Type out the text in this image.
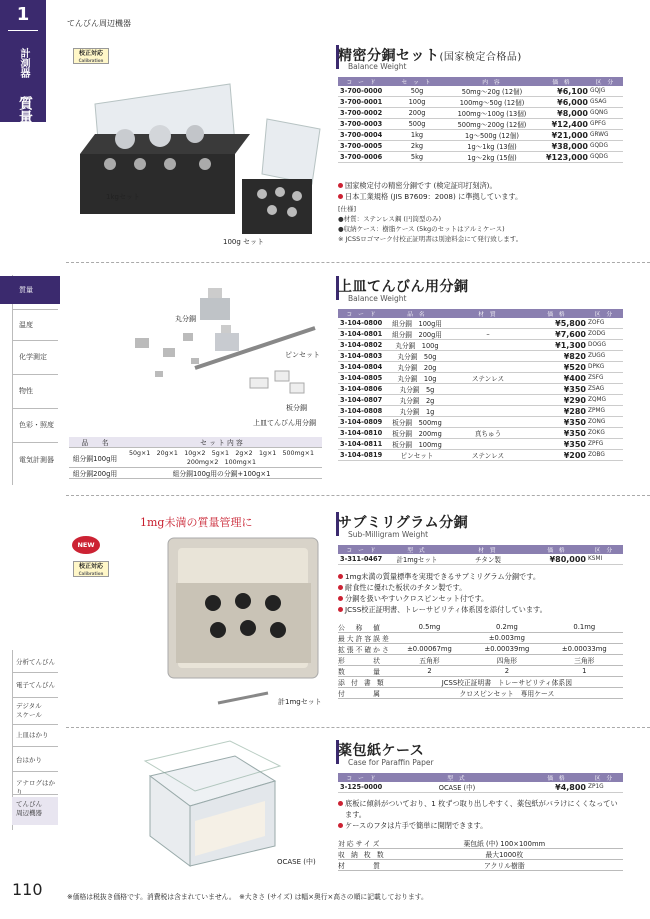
1
計測器
質量
質量
温度
化学測定
物性
色彩・照度
電気計測器
分析てんびん
電子てんびん
デジタルスケール
上皿はかり
台はかり
アナログはかり
てんびん周辺機器
110
てんびん周辺機器
校正対応
Calibration
1kgセット
100g セット
精密分銅セット(国家検定合格品)
Balance Weight
コ ー ド	セ ッ ト	内 容	価 格	区 分
3-700-0000	50g	50mg～20g (12個)	¥6,100	GQJG
3-700-0001	100g	100mg～50g (12個)	¥6,000	GSAG
3-700-0002	200g	100mg～100g (13個)	¥8,000	GQNG
3-700-0003	500g	500mg～200g (12個)	¥12,400	GPFG
3-700-0004	1kg	1g～500g (12個)	¥21,000	GRWG
3-700-0005	2kg	1g～1kg (13個)	¥38,000	GQDG
3-700-0006	5kg	1g～2kg (15個)	¥123,000	GQDG
国家検定付の精密分銅です (検定証印打刻済)。
日本工業規格 (JIS B7609：2008) に準拠しています。
[仕様]
●材質：ステンレス鋼 (円筒型のみ)
●収納ケース：樹脂ケース (5kgのセットはアルミケース)
※ JCSSロゴマーク付校正証明書は別途料金にて発行致します。
丸分銅
ピンセット
板分銅
上皿てんびん用分銅
品　　名	セ ッ ト 内 容
組分銅100g用	50g×1　20g×1　10g×2　5g×1　2g×2　1g×1　500mg×1　200mg×2　100mg×1
組分銅200g用	組分銅100g用の分銅+100g×1
上皿てんびん用分銅
Balance Weight
コ ー ド	品 名	材 質	価 格	区 分
3-104-0800	組分銅　100g用		¥5,800	ZOFG
3-104-0801	組分銅　200g用	–	¥7,600	ZODG
3-104-0802	丸分銅　100g		¥1,300	DOGG
3-104-0803	丸分銅　50g		¥820	ZUGG
3-104-0804	丸分銅　20g		¥520	DPKG
3-104-0805	丸分銅　10g	ステンレス	¥400	ZSFG
3-104-0806	丸分銅　5g		¥350	ZSAG
3-104-0807	丸分銅　2g		¥290	ZQMG
3-104-0808	丸分銅　1g		¥280	ZPMG
3-104-0809	板分銅　500mg		¥350	ZONG
3-104-0810	板分銅　200mg	真ちゅう	¥350	ZOKG
3-104-0811	板分銅　100mg		¥350	ZPFG
3-104-0819	ピンセット	ステンレス	¥200	ZOBG
1mg未満の質量管理に
NEW
校正対応
Calibration
計1mgセット
サブミリグラム分銅
Sub-Milligram Weight
コ ー ド	型 式	材 質	価 格	区 分
3-311-0467	計1mgセット	チタン製	¥80,000	KSMI
1mg未満の質量標準を実現できるサブミリグラム分銅です。
耐食性に優れた板状のチタン製です。
分銅を扱いやすいクロスピンセット付です。
JCSS校正証明書、トレーサビリティ体系図を添付しています。
公　称　値	0.5mg	0.2mg	0.1mg
最大許容誤差	±0.003mg		
拡張不確かさ	±0.00067mg	±0.00039mg	±0.00033mg
形　　　状	五角形	四角形	三角形
数　　　量	2	2	1
添 付 書 類	JCSS校正証明書　トレーサビリティ体系図		
付　　　属	クロスピンセット　専用ケース		
OCASE (中)
薬包紙ケース
Case for Paraffin Paper
コ ー ド	型 式	価 格	区 分
3-125-0000	OCASE (中)	¥4,800	ZP1G
底板に傾斜がついており、1 枚ずつ取り出しやすく、薬包紙がバラけにくくなっています。
ケースのフタは片手で簡単に開閉できます。
対応サイズ	薬包紙 (中) 100×100mm
収 納 枚 数	最大1000枚
材　　　質	アクリル樹脂
※価格は税抜き価格です。消費税は含まれていません。　※大きさ (サイズ) は幅×奥行×高さの順に記載しております。
